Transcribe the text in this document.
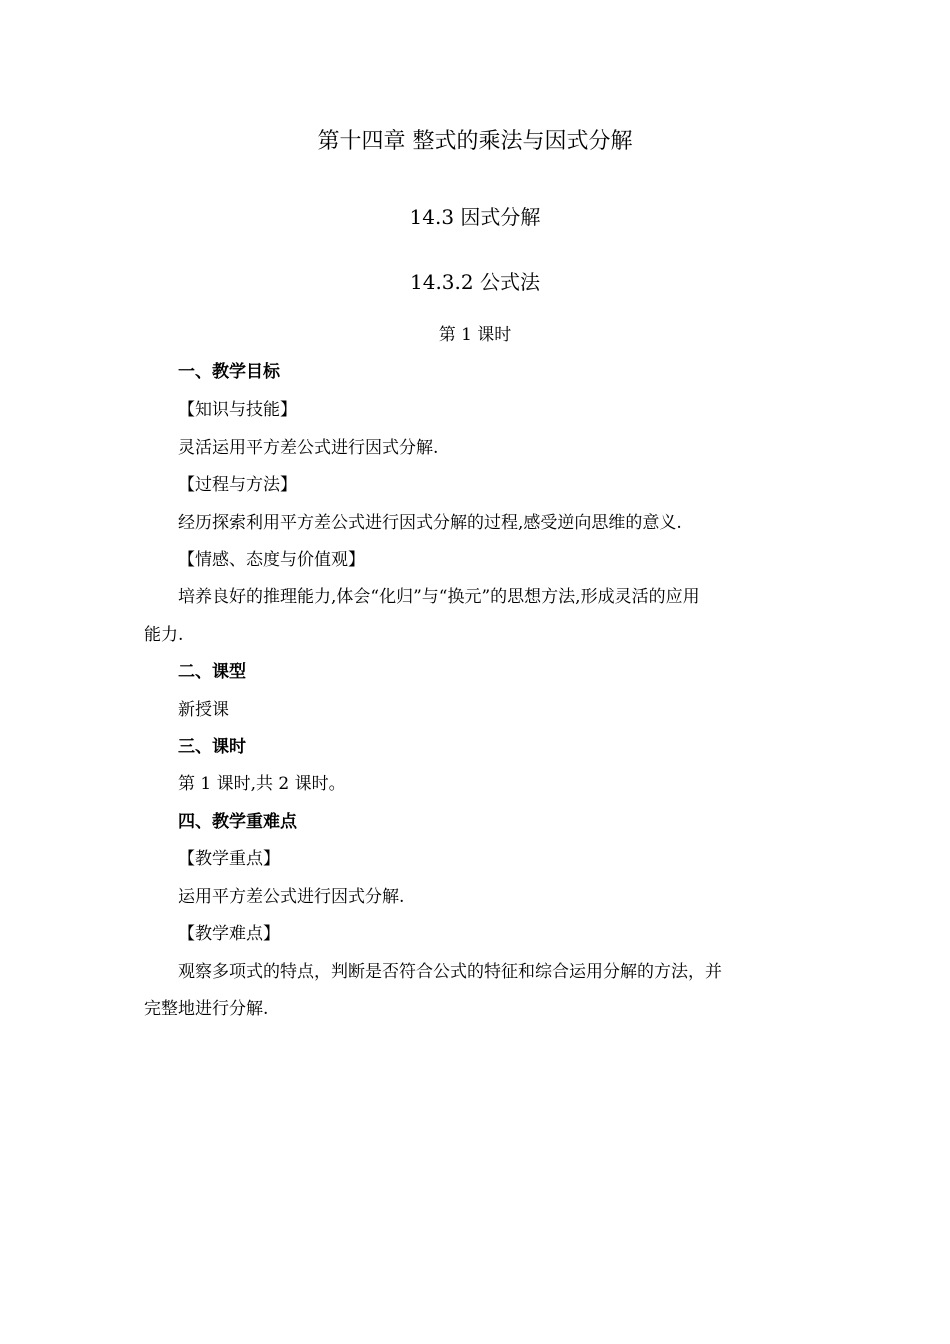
第十四章 整式的乘法与因式分解
14.3 因式分解
14.3.2 公式法
第 1 课时
一、教学目标
【知识与技能】
灵活运用平方差公式进行因式分解.
【过程与方法】
经历探索利用平方差公式进行因式分解的过程,感受逆向思维的意义.
【情感、态度与价值观】
培养良好的推理能力,体会“化归”与“换元”的思想方法,形成灵活的应用
能力.
二、课型
新授课
三、课时
第 1 课时,共 2 课时。
四、教学重难点
【教学重点】
运用平方差公式进行因式分解.
【教学难点】
观察多项式的特点，判断是否符合公式的特征和综合运用分解的方法，并
完整地进行分解.
